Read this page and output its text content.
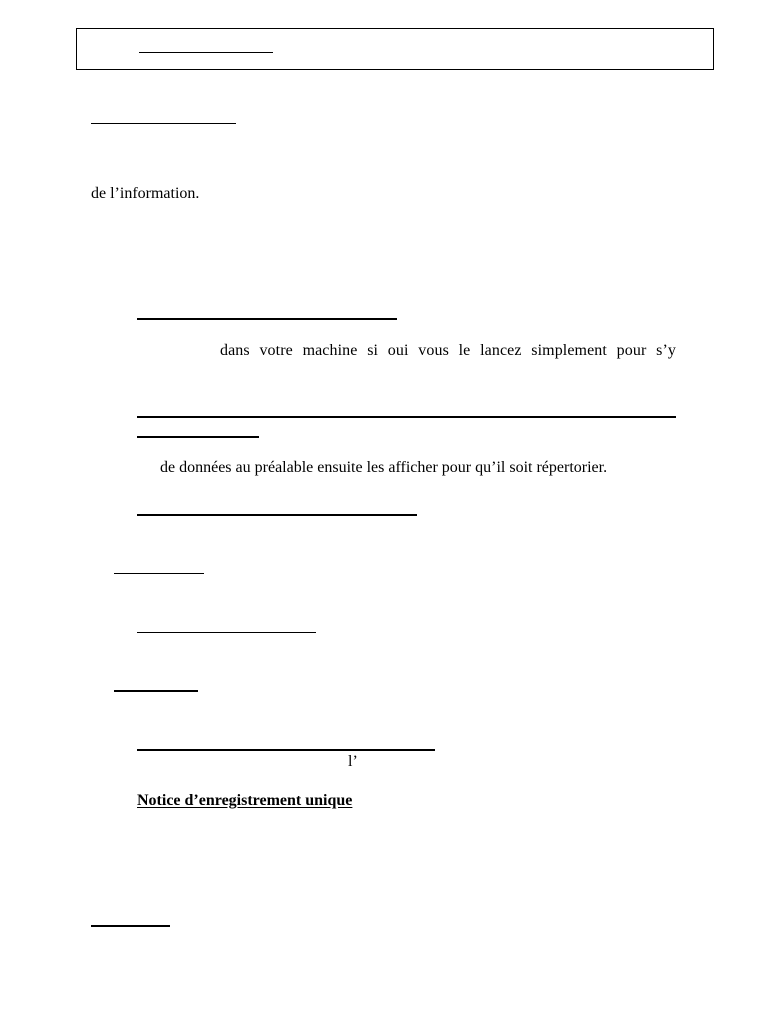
de l’information.
dans votre machine si oui vous le lancez simplement pour s’y
de données au préalable ensuite les afficher pour qu’il soit répertorier.
l’
Notice d’enregistrement unique
